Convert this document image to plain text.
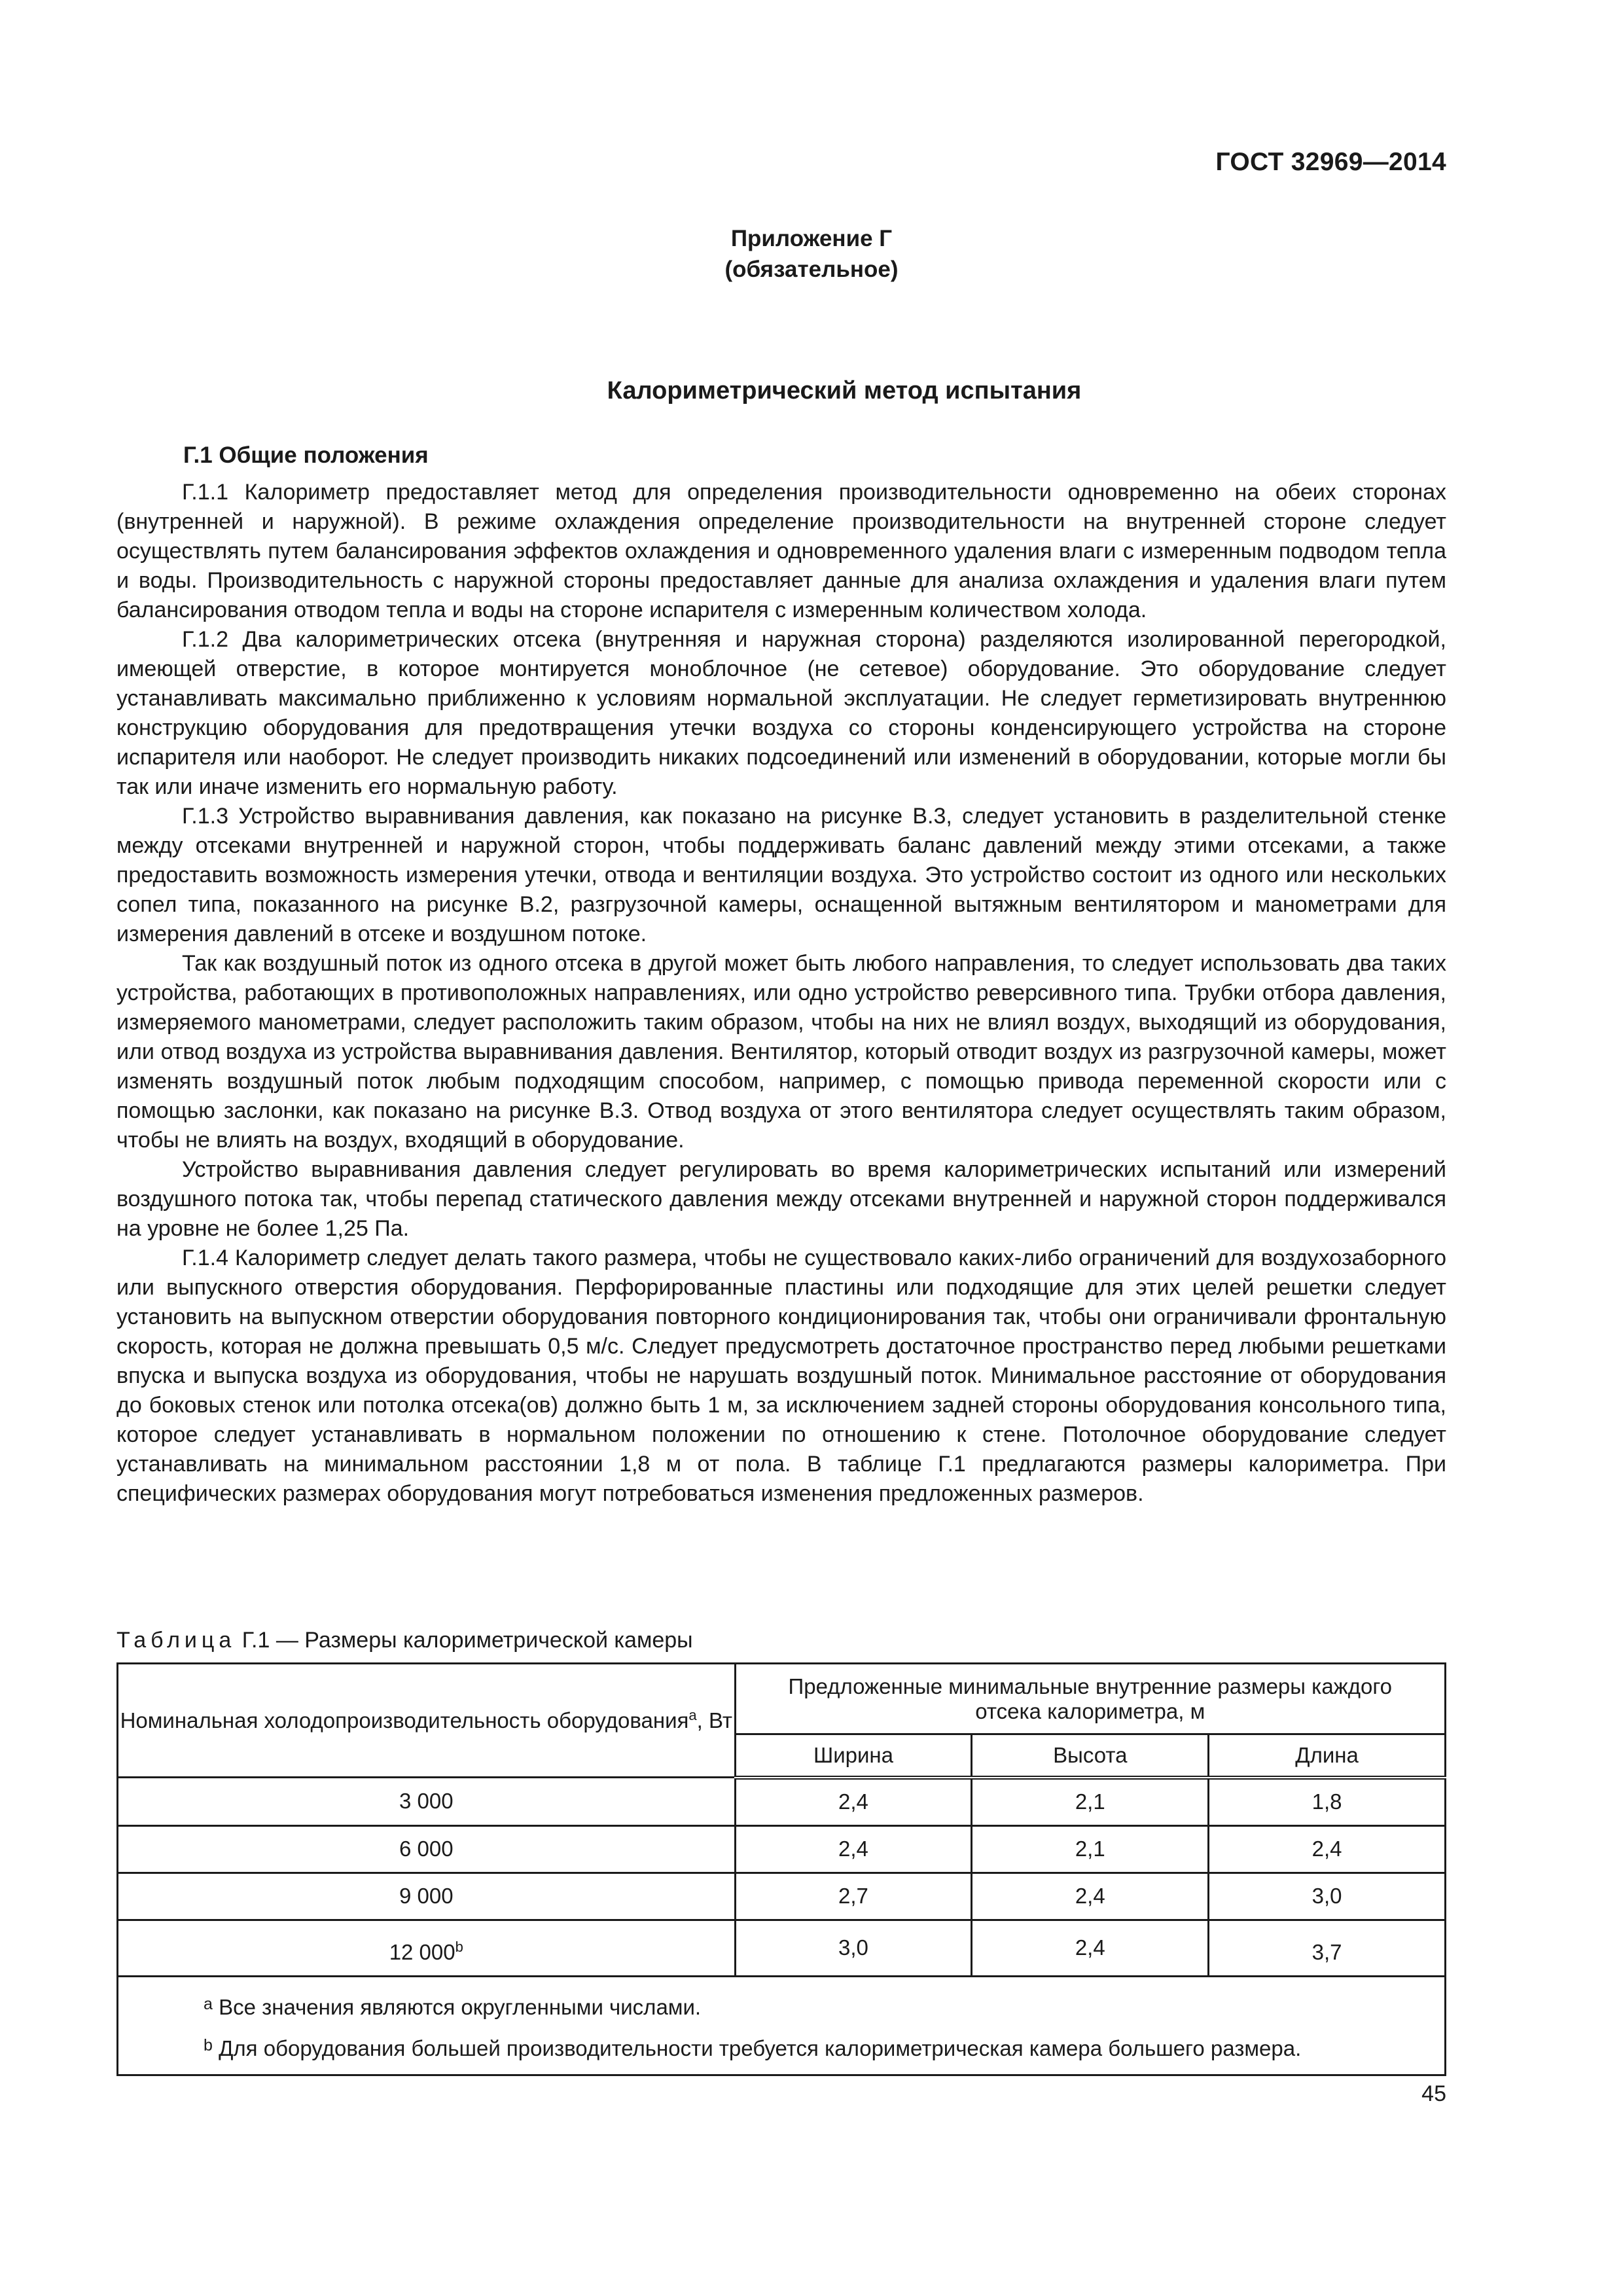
ГОСТ 32969—2014
Приложение Г
(обязательное)
Калориметрический метод испытания
Г.1 Общие положения

Г.1.1 Калориметр предоставляет метод для определения производительности одновременно на обеих сторонах (внутренней и наружной). В режиме охлаждения определение производительности на внутренней стороне следует осуществлять путем балансирования эффектов охлаждения и одновременного удаления влаги с измеренным подводом тепла и воды. Производительность с наружной стороны предоставляет данные для анализа охлаждения и удаления влаги путем балансирования отводом тепла и воды на стороне испарителя с измеренным количеством холода.

Г.1.2 Два калориметрических отсека (внутренняя и наружная сторона) разделяются изолированной перегородкой, имеющей отверстие, в которое монтируется моноблочное (не сетевое) оборудование. Это оборудование следует устанавливать максимально приближенно к условиям нормальной эксплуатации. Не следует герметизировать внутреннюю конструкцию оборудования для предотвращения утечки воздуха со стороны конденсирующего устройства на стороне испарителя или наоборот. Не следует производить никаких подсоединений или изменений в оборудовании, которые могли бы так или иначе изменить его нормальную работу.

Г.1.3 Устройство выравнивания давления, как показано на рисунке В.3, следует установить в разделительной стенке между отсеками внутренней и наружной сторон, чтобы поддерживать баланс давлений между этими отсеками, а также предоставить возможность измерения утечки, отвода и вентиляции воздуха. Это устройство состоит из одного или нескольких сопел типа, показанного на рисунке В.2, разгрузочной камеры, оснащенной вытяжным вентилятором и манометрами для измерения давлений в отсеке и воздушном потоке.

Так как воздушный поток из одного отсека в другой может быть любого направления, то следует использовать два таких устройства, работающих в противоположных направлениях, или одно устройство реверсивного типа. Трубки отбора давления, измеряемого манометрами, следует расположить таким образом, чтобы на них не влиял воздух, выходящий из оборудования, или отвод воздуха из устройства выравнивания давления. Вентилятор, который отводит воздух из разгрузочной камеры, может изменять воздушный поток любым подходящим способом, например, с помощью привода переменной скорости или с помощью заслонки, как показано на рисунке В.3. Отвод воздуха от этого вентилятора следует осуществлять таким образом, чтобы не влиять на воздух, входящий в оборудование.

Устройство выравнивания давления следует регулировать во время калориметрических испытаний или измерений воздушного потока так, чтобы перепад статического давления между отсеками внутренней и наружной сторон поддерживался на уровне не более 1,25 Па.

Г.1.4 Калориметр следует делать такого размера, чтобы не существовало каких-либо ограничений для воздухозаборного или выпускного отверстия оборудования. Перфорированные пластины или подходящие для этих целей решетки следует установить на выпускном отверстии оборудования повторного кондиционирования так, чтобы они ограничивали фронтальную скорость, которая не должна превышать 0,5 м/с. Следует предусмотреть достаточное пространство перед любыми решетками впуска и выпуска воздуха из оборудования, чтобы не нарушать воздушный поток. Минимальное расстояние от оборудования до боковых стенок или потолка отсека(ов) должно быть 1 м, за исключением задней стороны оборудования консольного типа, которое следует устанавливать в нормальном положении по отношению к стене. Потолочное оборудование следует устанавливать на минимальном расстоянии 1,8 м от пола. В таблице Г.1 предлагаются размеры калориметра. При специфических размерах оборудования могут потребоваться изменения предложенных размеров.

Таблица Г.1 — Размеры калориметрической камеры
Номинальная холодопроизводительность оборудования$^a$, Вт	Предложенные минимальные внутренние размеры каждого отсека калориметра, м		
	Ширина	Высота	Длина
3 000	2,4	2,1	1,8
6 000	2,4	2,1	2,4
9 000	2,7	2,4	3,0
12 000$^b$	3,0	2,4	3,7

$^a$ Все значения являются округленными числами.
$^b$ Для оборудования большей производительности требуется калориметрическая камера большего размера.			
45
